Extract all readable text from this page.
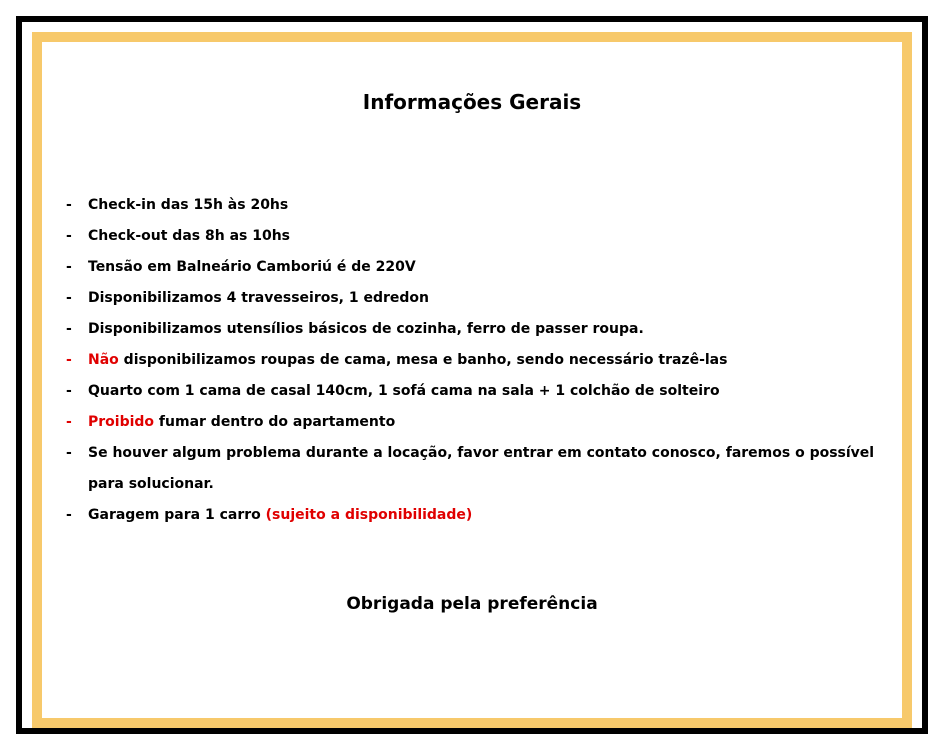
Informações Gerais
- Check-in das 15h às 20hs
- Check-out das 8h as 10hs
- Tensão em Balneário Camboriú é de 220V
- Disponibilizamos 4 travesseiros, 1 edredon
- Disponibilizamos utensílios básicos de cozinha, ferro de passer roupa.
- Não disponibilizamos roupas de cama, mesa e banho, sendo necessário trazê-las
- Quarto com 1 cama de casal 140cm, 1 sofá cama na sala + 1 colchão de solteiro
- Proibido fumar dentro do apartamento
- Se houver algum problema durante a locação, favor entrar em contato conosco, faremos o possível para solucionar.
- Garagem para 1 carro (sujeito a disponibilidade)
Obrigada pela preferência
